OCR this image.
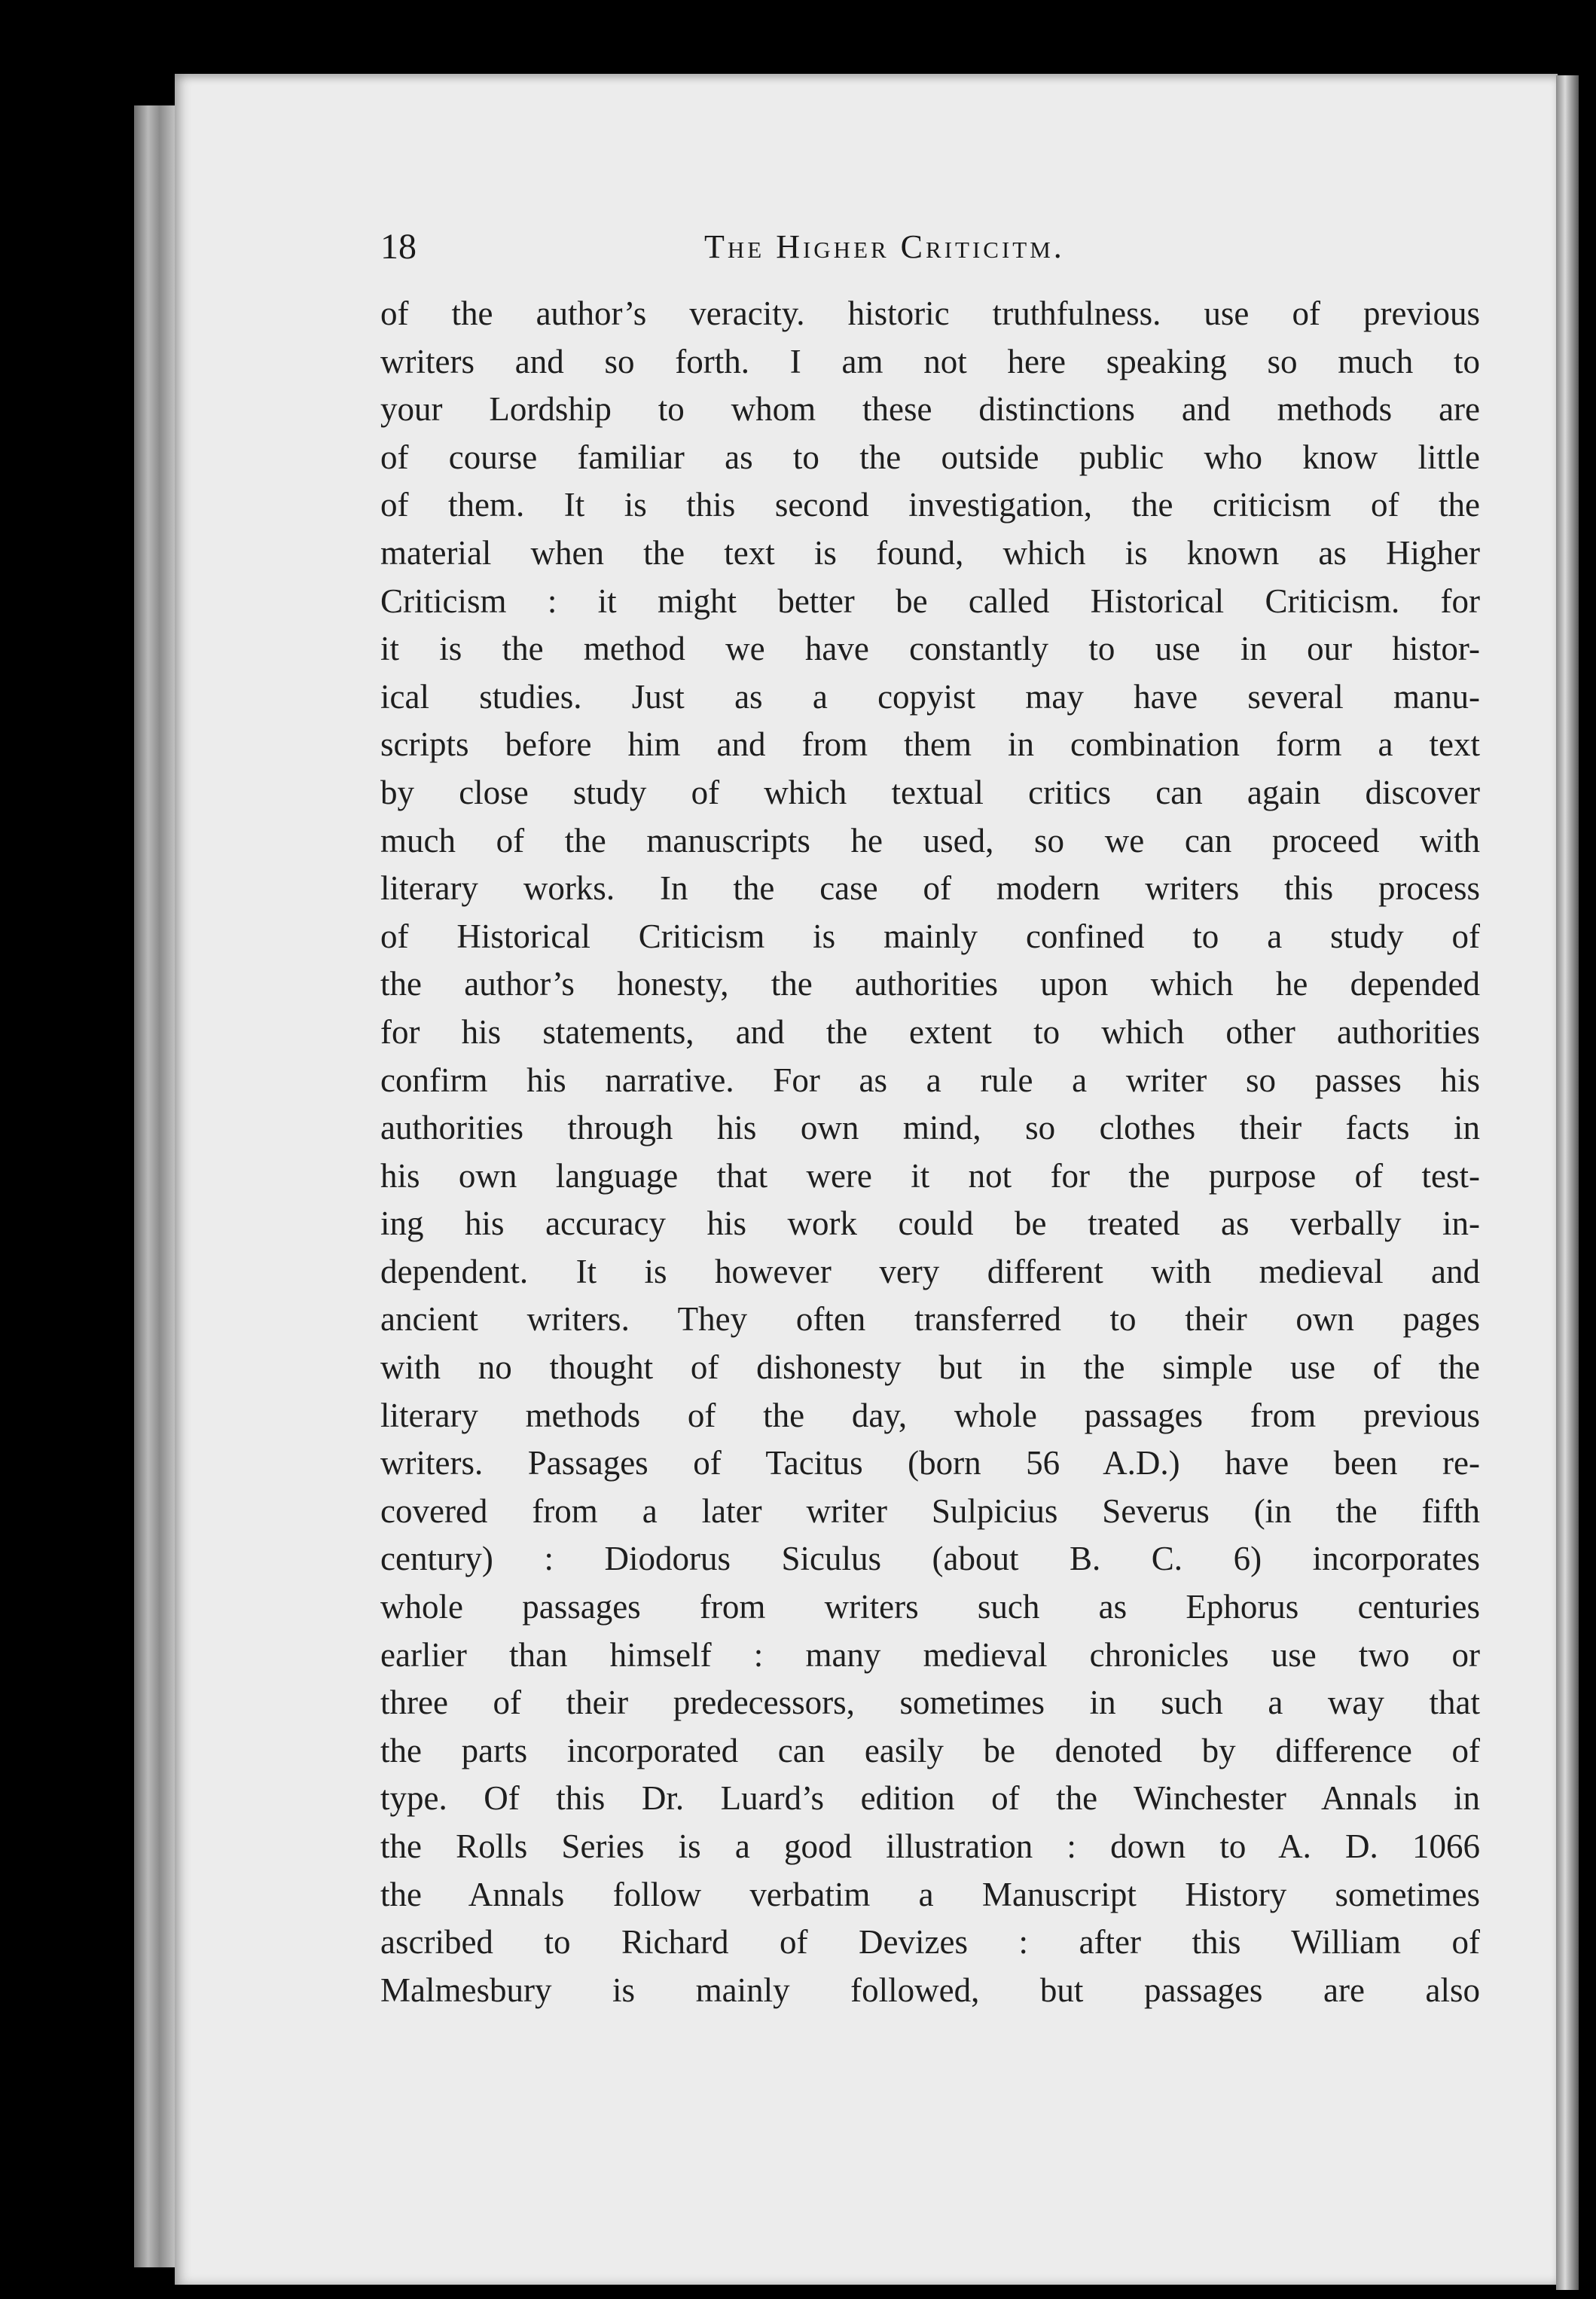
18	The Higher Criticitm.
of the author’s veracity. historic truthfulness. use of previous
writers and so forth. I am not here speaking so much to
your Lordship to whom these distinctions and methods are
of course familiar as to the outside public who know little
of them. It is this second investigation, the criticism of the
material when the text is found, which is known as Higher
Criticism : it might better be called Historical Criticism. for
it is the method we have constantly to use in our histor-
ical studies. Just as a copyist may have several manu-
scripts before him and from them in combination form a text
by close study of which textual critics can again discover
much of the manuscripts he used, so we can proceed with
literary works. In the case of modern writers this process
of Historical Criticism is mainly confined to a study of
the author’s honesty, the authorities upon which he depended
for his statements, and the extent to which other authorities
confirm his narrative. For as a rule a writer so passes his
authorities through his own mind, so clothes their facts in
his own language that were it not for the purpose of test-
ing his accuracy his work could be treated as verbally in-
dependent. It is however very different with medieval and
ancient writers. They often transferred to their own pages
with no thought of dishonesty but in the simple use of the
literary methods of the day, whole passages from previous
writers. Passages of Tacitus (born 56 A.D.) have been re-
covered from a later writer Sulpicius Severus (in the fifth
century) : Diodorus Siculus (about B. C. 6) incorporates
whole passages from writers such as Ephorus centuries
earlier than himself : many medieval chronicles use two or
three of their predecessors, sometimes in such a way that
the parts incorporated can easily be denoted by difference of
type. Of this Dr. Luard’s edition of the Winchester Annals in
the Rolls Series is a good illustration : down to A. D. 1066
the Annals follow verbatim a Manuscript History sometimes
ascribed to Richard of Devizes : after this William of
Malmesbury is mainly followed, but passages are also
